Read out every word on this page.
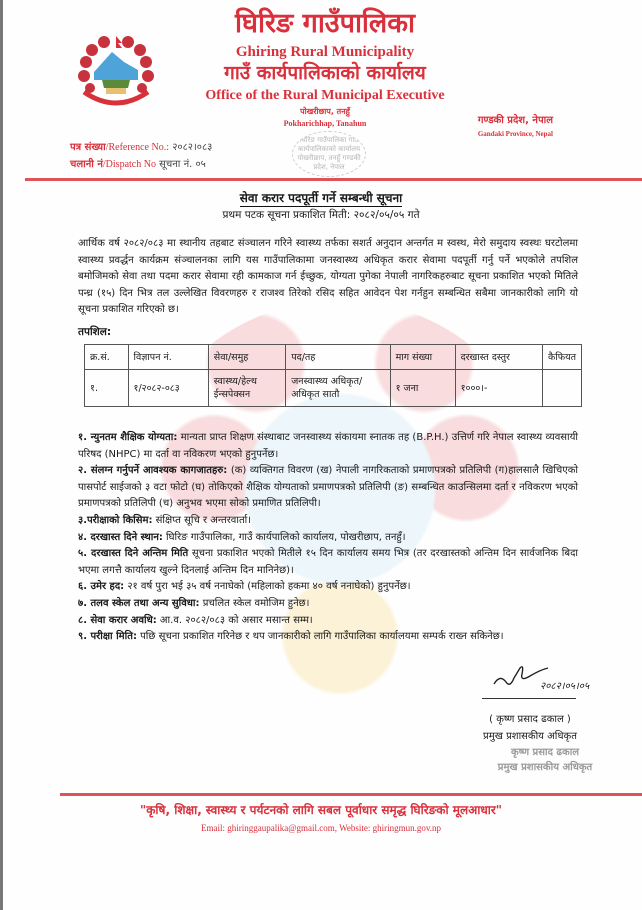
घिरिङ गाउँपालिका
Ghiring Rural Municipality
गाउँ कार्यपालिकाको कार्यालय
Office of the Rural Municipal Executive
पोखरीछाप, तनहुँ
Pokharichhap, Tanahun	गण्डकी प्रदेश, नेपाल
Gandaki Province, Nepal
घिरिङ गाउँपालिका गाउँ कार्यपालिकाको कार्यालय पोखरीछाप, तनहुँ गण्डकी प्रदेश, नेपाल
पत्र संख्या/Reference No.: २०८२।०८३
चलानी नं/Dispatch No सूचना नं. ०५
सेवा करार पदपूर्ती गर्ने सम्बन्धी सूचना
प्रथम पटक सूचना प्रकाशित मिती: २०८२/०५/०५ गते
आर्थिक वर्ष २०८२/०८३ मा स्थानीय तहबाट संञ्चालन गरिने स्वास्थ्य तर्फका सशर्त अनुदान अन्तर्गत म स्वस्थ, मेरो समुदाय स्वस्थः घरटोलमा स्वास्थ्य प्रवर्द्धन कार्यक्रम संञ्चालनका लागि यस गाउँपालिकामा जनस्वास्थ्य अधिकृत करार सेवामा पदपूर्ती गर्नु पर्ने भएकोले तपशिल बमोजिमको सेवा तथा पदमा करार सेवामा रही कामकाज गर्न ईच्छुक, योग्यता पुगेका नेपाली नागरिकहरुबाट सूचना प्रकाशित भएको मितिले पन्ध्र (१५) दिन भित्र तल उल्लेखित विवरणहरु र राजश्व तिरेको रसिद सहित आवेदन पेश गर्नहुन सम्बन्धित सबैमा जानकारीको लागि यो सूचना प्रकाशित गरिएको छ।
तपशिल:
क्र.सं.	विज्ञापन नं.	सेवा/समुह	पद/तह	माग संख्या	दरखास्त दस्तुर	कैफियत
१.	१/२०८२-०८३	स्वास्थ्य/हेल्थ ईन्सपेक्सन	जनस्वास्थ्य अधिकृत/ अधिकृत सातौ	१ जना	१०००।-	

१. न्युनतम शैक्षिक योग्यता: मान्यता प्राप्त शिक्षण संस्थाबाट जनस्वास्थ्य संकायमा स्नातक तह (B.P.H.) उत्तिर्ण गरि नेपाल स्वास्थ्य व्यवसायी परिषद (NHPC) मा दर्ता वा नविकरण भएको हुनुपर्नेछ।

२. संलग्न गर्नुपर्ने आवश्यक कागजातहरु: (क) व्यक्तिगत विवरण (ख) नेपाली नागरिकताको प्रमाणपत्रको प्रतिलिपी (ग)हालसालै खिचिएको पासपोर्ट साईजको ३ वटा फोटो (घ) तोकिएको शैक्षिक योग्यताको प्रमाणपत्रको प्रतिलिपी (ङ) सम्बन्धित काउन्सिलमा दर्ता र नविकरण भएको प्रमाणपत्रको प्रतिलिपी (च) अनुभव भएमा सोको प्रमाणित प्रतिलिपी।

३.परीक्षाको किसिम: संक्षिप्त सूचि र अन्तरवार्ता।

४. दरखास्त दिने स्थान: घिरिङ गाउँपालिका, गाउँ कार्यपालिको कार्यालय, पोखरीछाप, तनहुँ।

५. दरखास्त दिने अन्तिम मिति सूचना प्रकाशित भएको मितीले १५ दिन कार्यालय समय भित्र (तर दरखास्तको अन्तिम दिन सार्वजनिक बिदा भएमा लगत्तै कार्यालय खुल्ने दिनलाई अन्तिम दिन मानिनेछ)।

६. उमेर हद: २१ वर्ष पुरा भई ३५ वर्ष ननाघेको (महिलाको हकमा ४० वर्ष ननाघेको) हुनुपर्नेछ।

७. तलव स्केल तथा अन्य सुविधा: प्रचलित स्केल वमोजिम हुनेछ।

८. सेवा करार अवधि: आ.व. २०८२/०८३ को असार मसान्त सम्म।

९. परीक्षा मिति: पछि सूचना प्रकाशित गरिनेछ र थप जानकारीको लागि गाउँपालिका कार्यालयमा सम्पर्क राख्न सकिनेछ।

२०८२।०५।०५
( कृष्ण प्रसाद ढकाल )
प्रमुख प्रशासकीय अधिकृत
कृष्ण प्रसाद ढकाल
प्रमुख प्रशासकीय अधिकृत
"कृषि, शिक्षा, स्वास्थ्य र पर्यटनको लागि सबल पूर्वाधार समृद्ध घिरिङको मूलआधार"
Email: ghiringgaupalika@gmail.com, Website: ghiringmun.gov.np
